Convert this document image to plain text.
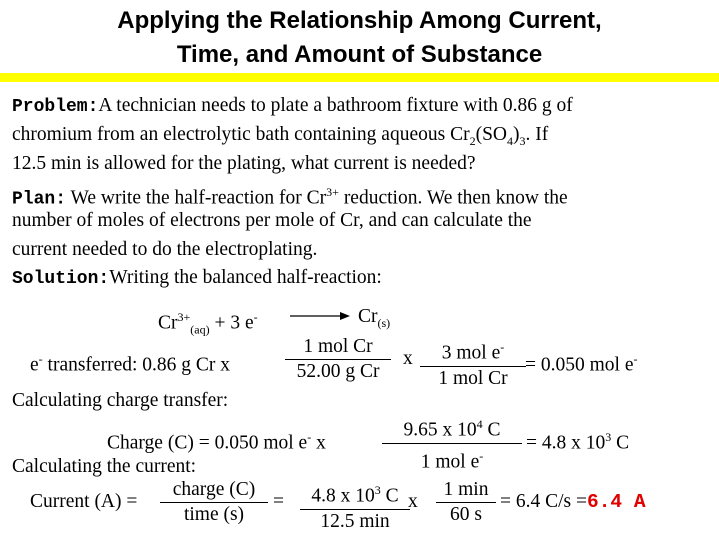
Applying the Relationship Among Current,
Time, and Amount of Substance
Problem:A technician needs to plate a bathroom fixture with 0.86 g of
chromium from an electrolytic bath containing aqueous $Cr_2(SO_4)_3$. If
12.5 min is allowed for the plating, what current is needed?
Plan: We write the half-reaction for $Cr^{3+}$ reduction. We then know the
number of moles of electrons per mole of Cr, and can calculate the
current needed to do the electroplating.
Solution:Writing the balanced half-reaction:
$Cr^{3+}_{(aq)} + 3$ $e^- \to Cr_{(s)}$
e- transferred: 0.86 g Cr x
1 mol Cr
52.00 g Cr
x	3 mol e-
1 mol Cr
= 0.050 mol e-
Calculating charge transfer:
Charge (C) = 0.050 mol e- x
9.65 x $10^4$ C
1 mol e-
= 4.8 x $10^3$ C
Calculating the current:
Current (A) =
charge (C)
time (s)
=	4.8 x $10^3$ C
12.5 min
x
1 min
60 s
= 6.4 C/s =6.4 A
